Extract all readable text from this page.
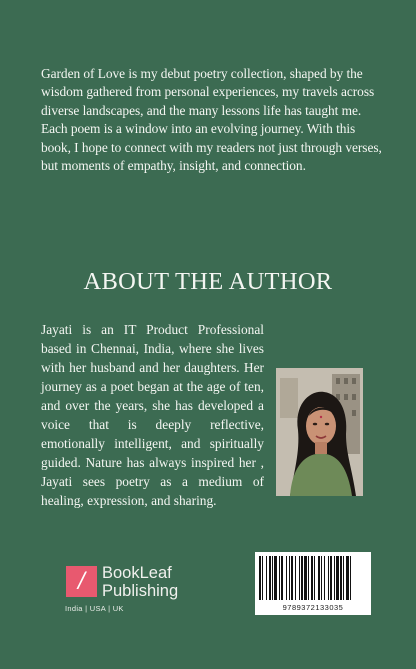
Garden of Love is my debut poetry collection, shaped by the wisdom gathered from personal experiences, my travels across diverse landscapes, and the many lessons life has taught me. Each poem is a window into an evolving journey. With this book, I hope to connect with my readers not just through verses, but moments of empathy, insight, and connection.

ABOUT THE AUTHOR

Jayati is an IT Product Professional based in Chennai, India, where she lives with her husband and her daughters. Her journey as a poet began at the age of ten, and over the years, she has developed a voice that is deeply reflective, emotionally intelligent, and spiritually guided. Nature has always inspired her , Jayati sees poetry as a medium of healing, expression, and sharing.

/	BookLeaf
Publishing
India | USA | UK	9789372133035
